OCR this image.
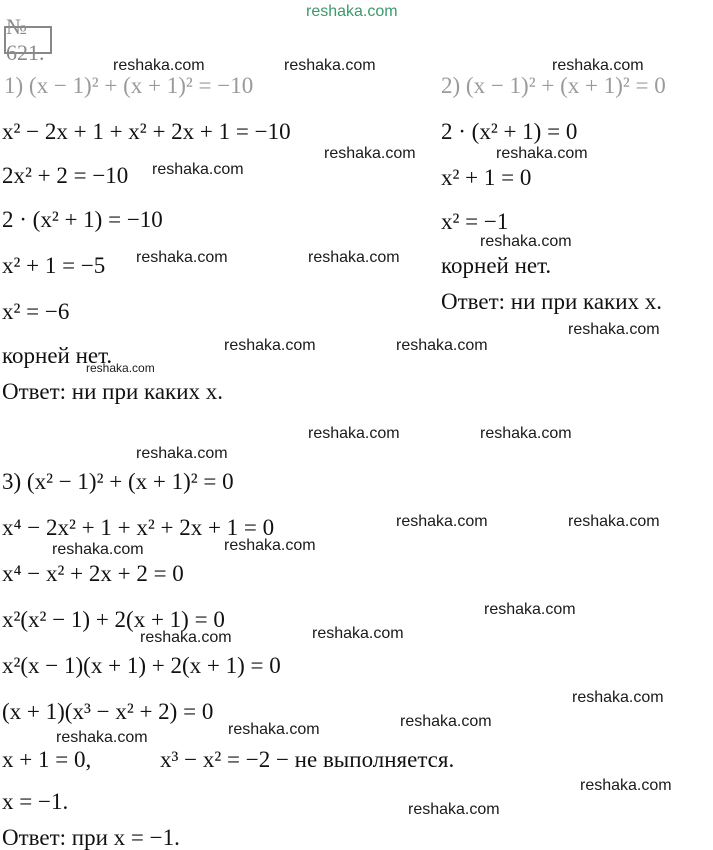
reshaka.com
№ 621.
1) (x − 1)² + (x + 1)² = −10
x² − 2x + 1 + x² + 2x + 1 = −10
2x² + 2 = −10
2 · (x² + 1) = −10
x² + 1 = −5
x² = −6
корней нет.
Ответ: ни при каких x.
2) (x − 1)² + (x + 1)² = 0
2 · (x² + 1) = 0
x² + 1 = 0
x² = −1
корней нет.
Ответ: ни при каких x.
3) (x² − 1)² + (x + 1)² = 0
x⁴ − 2x² + 1 + x² + 2x + 1 = 0
x⁴ − x² + 2x + 2 = 0
x²(x² − 1) + 2(x + 1) = 0
x²(x − 1)(x + 1) + 2(x + 1) = 0
(x + 1)(x³ − x² + 2) = 0
x + 1 = 0,	x³ − x² = −2 − не выполняется.
x = −1.
Ответ: при x = −1.
reshaka.com	reshaka.com	reshaka.com
reshaka.com	reshaka.com
reshaka.com
reshaka.com
reshaka.com	reshaka.com
reshaka.com
reshaka.com	reshaka.com
reshaka.com
reshaka.com	reshaka.com
reshaka.com
reshaka.com	reshaka.com
reshaka.com
reshaka.com
reshaka.com
reshaka.com
reshaka.com
reshaka.com
reshaka.com
reshaka.com
reshaka.com
reshaka.com
reshaka.com
